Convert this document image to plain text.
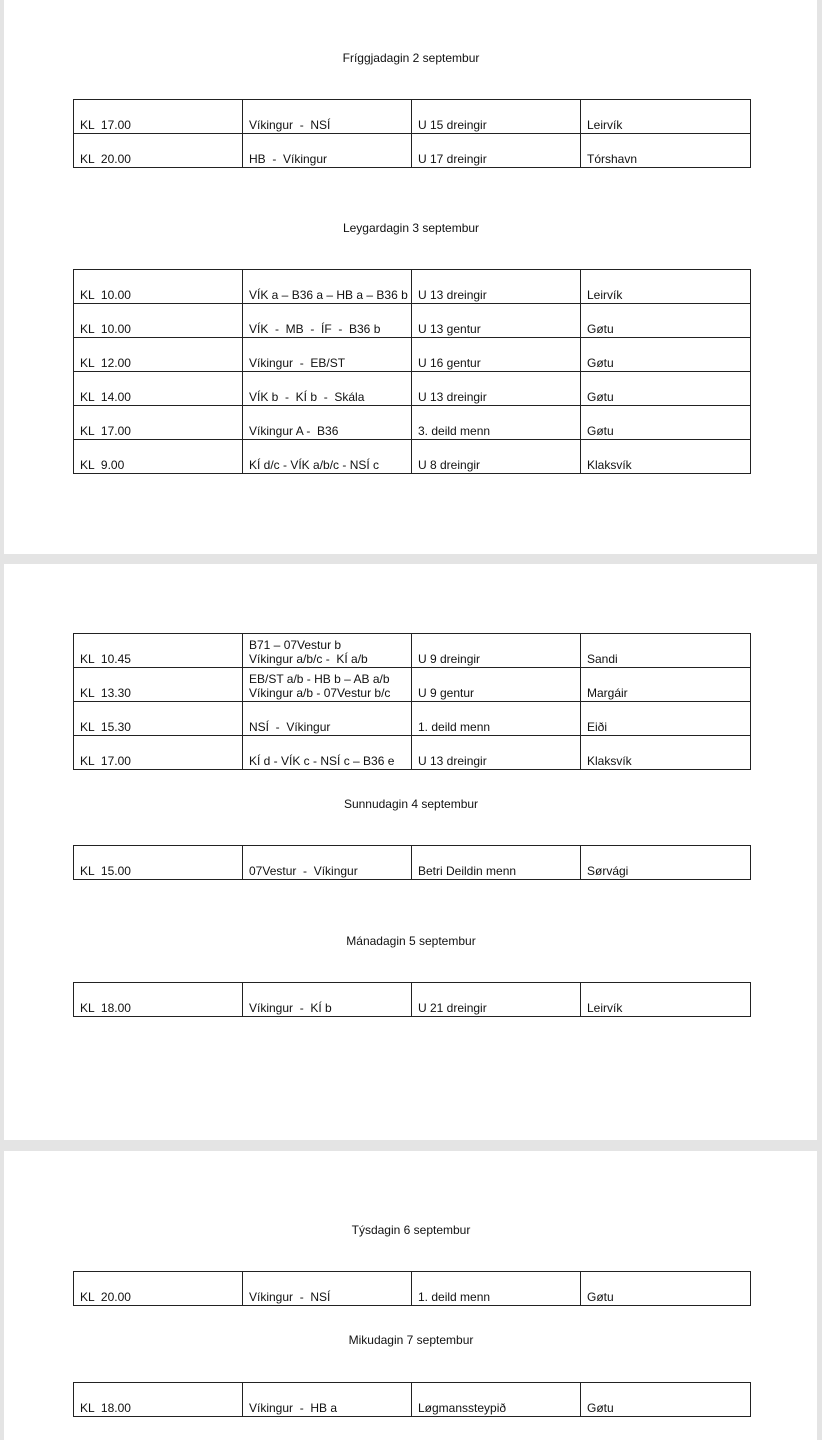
Fríggjadagin 2 septembur
KL  17.00	Víkingur  -  NSÍ	U 15 dreingir	Leirvík

KL  20.00	HB  -  Víkingur	U 17 dreingir	Tórshavn
Leygardagin 3 septembur
KL  10.00	VÍK a – B36 a – HB a – B36 b	U 13 dreingir	Leirvík

KL  10.00	VÍK  -  MB  -  ÍF  -  B36 b	U 13 gentur	Gøtu

KL  12.00	Víkingur  -  EB/ST	U 16 gentur	Gøtu

KL  14.00	VÍK b  -  KÍ b  -  Skála	U 13 dreingir	Gøtu

KL  17.00	Víkingur A -  B36	3. deild menn	Gøtu

KL  9.00	KÍ d/c - VÍK a/b/c - NSÍ c	U 8 dreingir	Klaksvík
KL  10.45	B71 – 07Vestur b
Víkingur a/b/c -  KÍ a/b	U 9 dreingir	Sandi

KL  13.30	EB/ST a/b - HB b – AB a/b
Víkingur a/b - 07Vestur b/c	U 9 gentur	Margáir

KL  15.30	NSÍ  -  Víkingur	1. deild menn	Eiði

KL  17.00	KÍ d - VÍK c - NSÍ c – B36 e	U 13 dreingir	Klaksvík
Sunnudagin 4 septembur
KL  15.00	07Vestur  -  Víkingur	Betri Deildin menn	Sørvági
Mánadagin 5 septembur
KL  18.00	Víkingur  -  KÍ b	U 21 dreingir	Leirvík
Týsdagin 6 septembur
KL  20.00	Víkingur  -  NSÍ	1. deild menn	Gøtu
Mikudagin 7 septembur
KL  18.00	Víkingur  -  HB a	Løgmanssteypið	Gøtu
